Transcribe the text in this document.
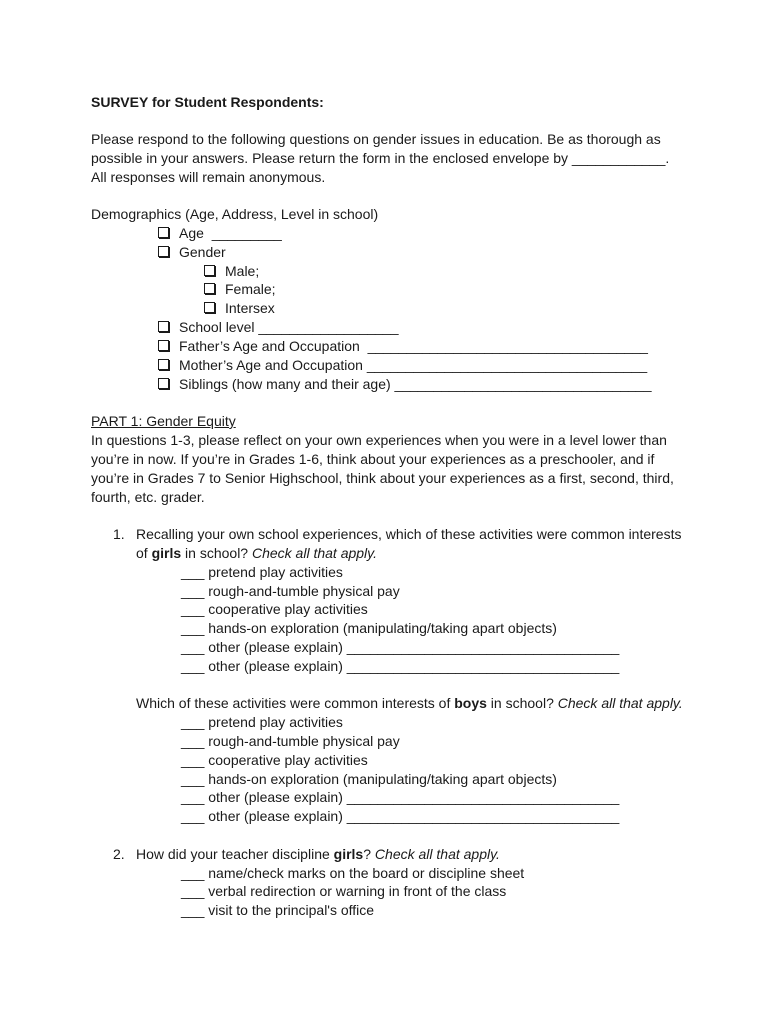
SURVEY for Student Respondents:
Please respond to the following questions on gender issues in education. Be as thorough as
possible in your answers. Please return the form in the enclosed envelope by ____________.
All responses will remain anonymous.
Demographics (Age, Address, Level in school)
Age  _________
Gender
Male;
Female;
Intersex
School level __________________
Father’s Age and Occupation  ____________________________________
Mother’s Age and Occupation ____________________________________
Siblings (how many and their age) _________________________________
PART 1: Gender Equity
In questions 1-3, please reflect on your own experiences when you were in a level lower than
you’re in now. If you’re in Grades 1-6, think about your experiences as a preschooler, and if
you’re in Grades 7 to Senior Highschool, think about your experiences as a first, second, third,
fourth, etc. grader.
1. Recalling your own school experiences, which of these activities were common interests
of girls in school? Check all that apply.
___ pretend play activities
___ rough-and-tumble physical pay
___ cooperative play activities
___ hands-on exploration (manipulating/taking apart objects)
___ other (please explain) ___________________________________
___ other (please explain) ___________________________________
Which of these activities were common interests of boys in school? Check all that apply.
___ pretend play activities
___ rough-and-tumble physical pay
___ cooperative play activities
___ hands-on exploration (manipulating/taking apart objects)
___ other (please explain) ___________________________________
___ other (please explain) ___________________________________
2. How did your teacher discipline girls? Check all that apply.
___ name/check marks on the board or discipline sheet
___ verbal redirection or warning in front of the class
___ visit to the principal's office
